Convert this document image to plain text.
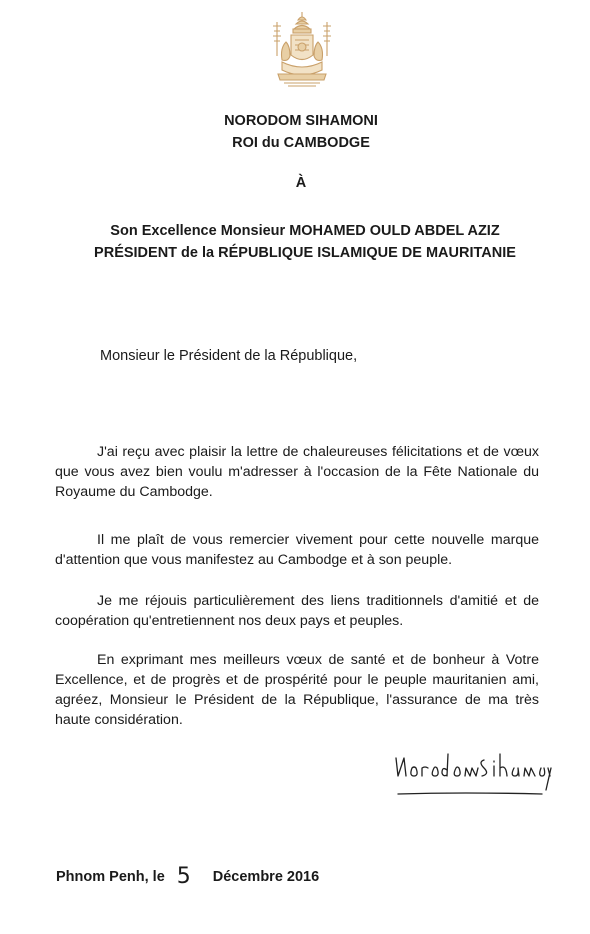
NORODOM SIHAMONI
ROI du CAMBODGE
À
Son Excellence Monsieur MOHAMED OULD ABDEL AZIZ
PRÉSIDENT de la RÉPUBLIQUE ISLAMIQUE DE MAURITANIE
Monsieur le Président de la République,

J'ai reçu avec plaisir la lettre de chaleureuses félicitations et de vœux que vous avez bien voulu m'adresser à l'occasion de la Fête Nationale du Royaume du Cambodge.

Il me plaît de vous remercier vivement pour cette nouvelle marque d'attention que vous manifestez au Cambodge et à son peuple.

Je me réjouis particulièrement des liens traditionnels d'amitié et de coopération qu'entretiennent nos deux pays et peuples.

En exprimant mes meilleurs vœux de santé et de bonheur à Votre Excellence, et de progrès et de prospérité pour le peuple mauritanien ami, agréez, Monsieur le Président de la République, l'assurance de ma très haute considération.

Phnom Penh, le 5 Décembre 2016
